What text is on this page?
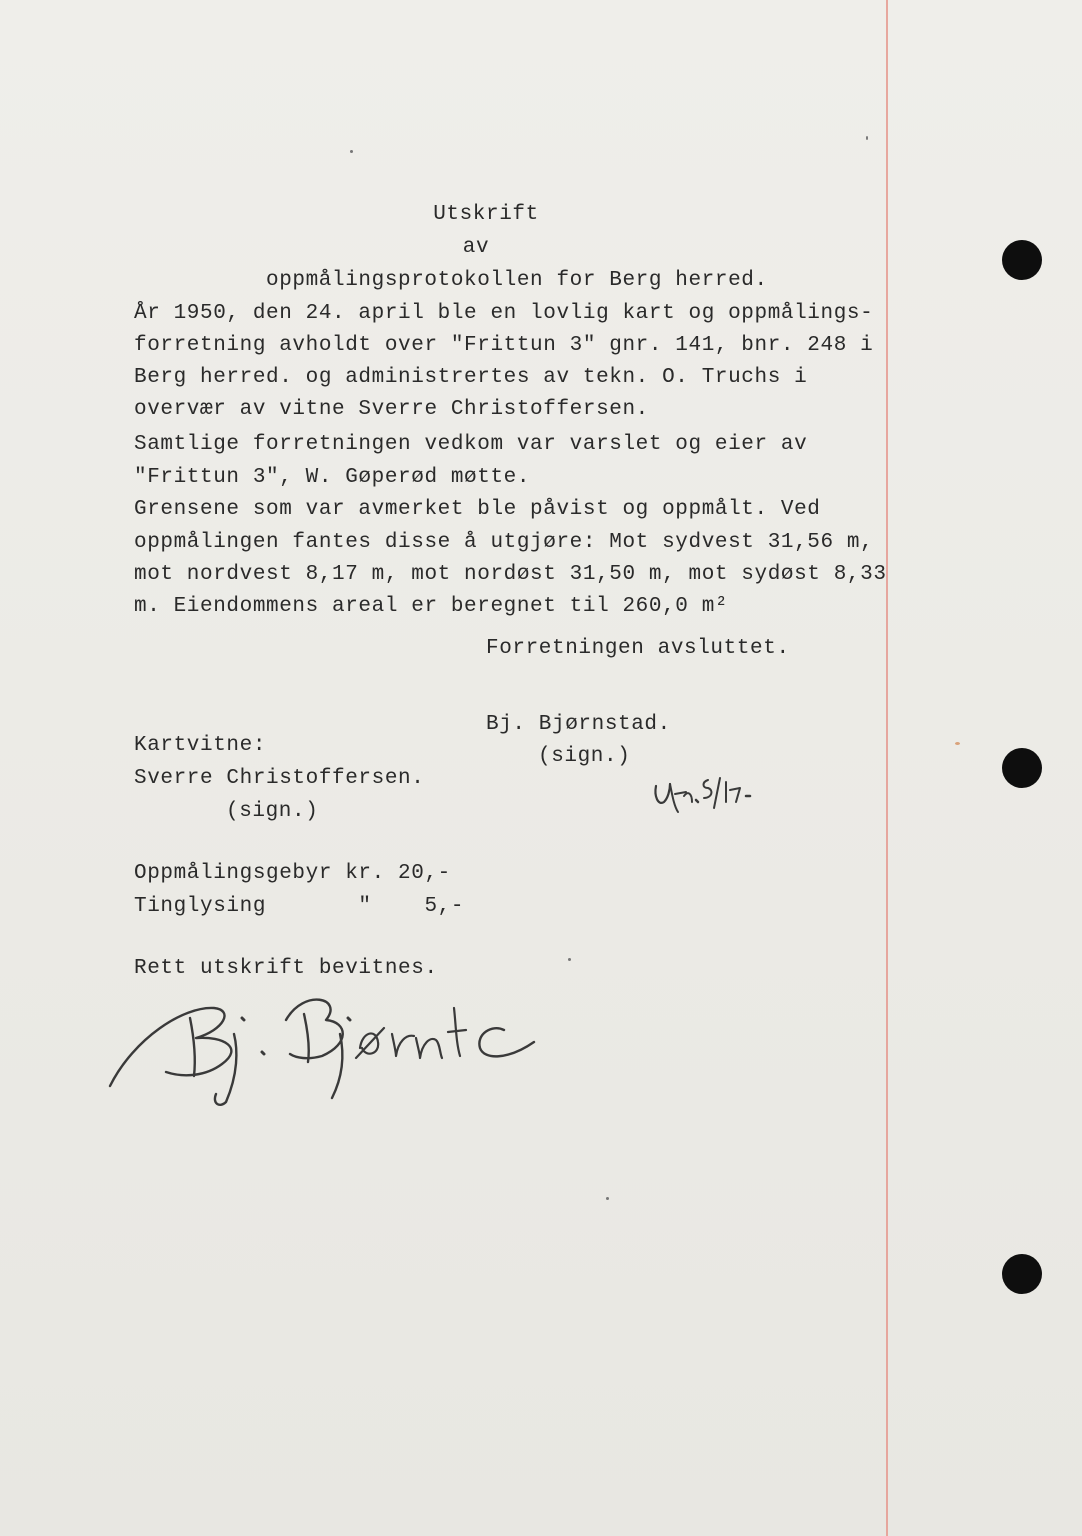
Utskrift
av
oppmålingsprotokollen for Berg herred.
År 1950, den 24. april ble en lovlig kart og oppmålings-
forretning avholdt over "Frittun 3" gnr. 141, bnr. 248 i
Berg herred. og administrertes av tekn. O. Truchs i
overvær av vitne Sverre Christoffersen.
Samtlige forretningen vedkom var varslet og eier av
"Frittun 3", W. Gøperød møtte.
Grensene som var avmerket ble påvist og oppmålt. Ved
oppmålingen fantes disse å utgjøre: Mot sydvest 31,56 m,
mot nordvest 8,17 m, mot nordøst 31,50 m, mot sydøst 8,33
m. Eiendommens areal er beregnet til 260,0 m²
Forretningen avsluttet.
Bj. Bjørnstad.
(sign.)
Kartvitne:
Sverre Christoffersen.
(sign.)
Oppmålingsgebyr kr. 20,-
Tinglysing       "    5,-
Rett utskrift bevitnes.
